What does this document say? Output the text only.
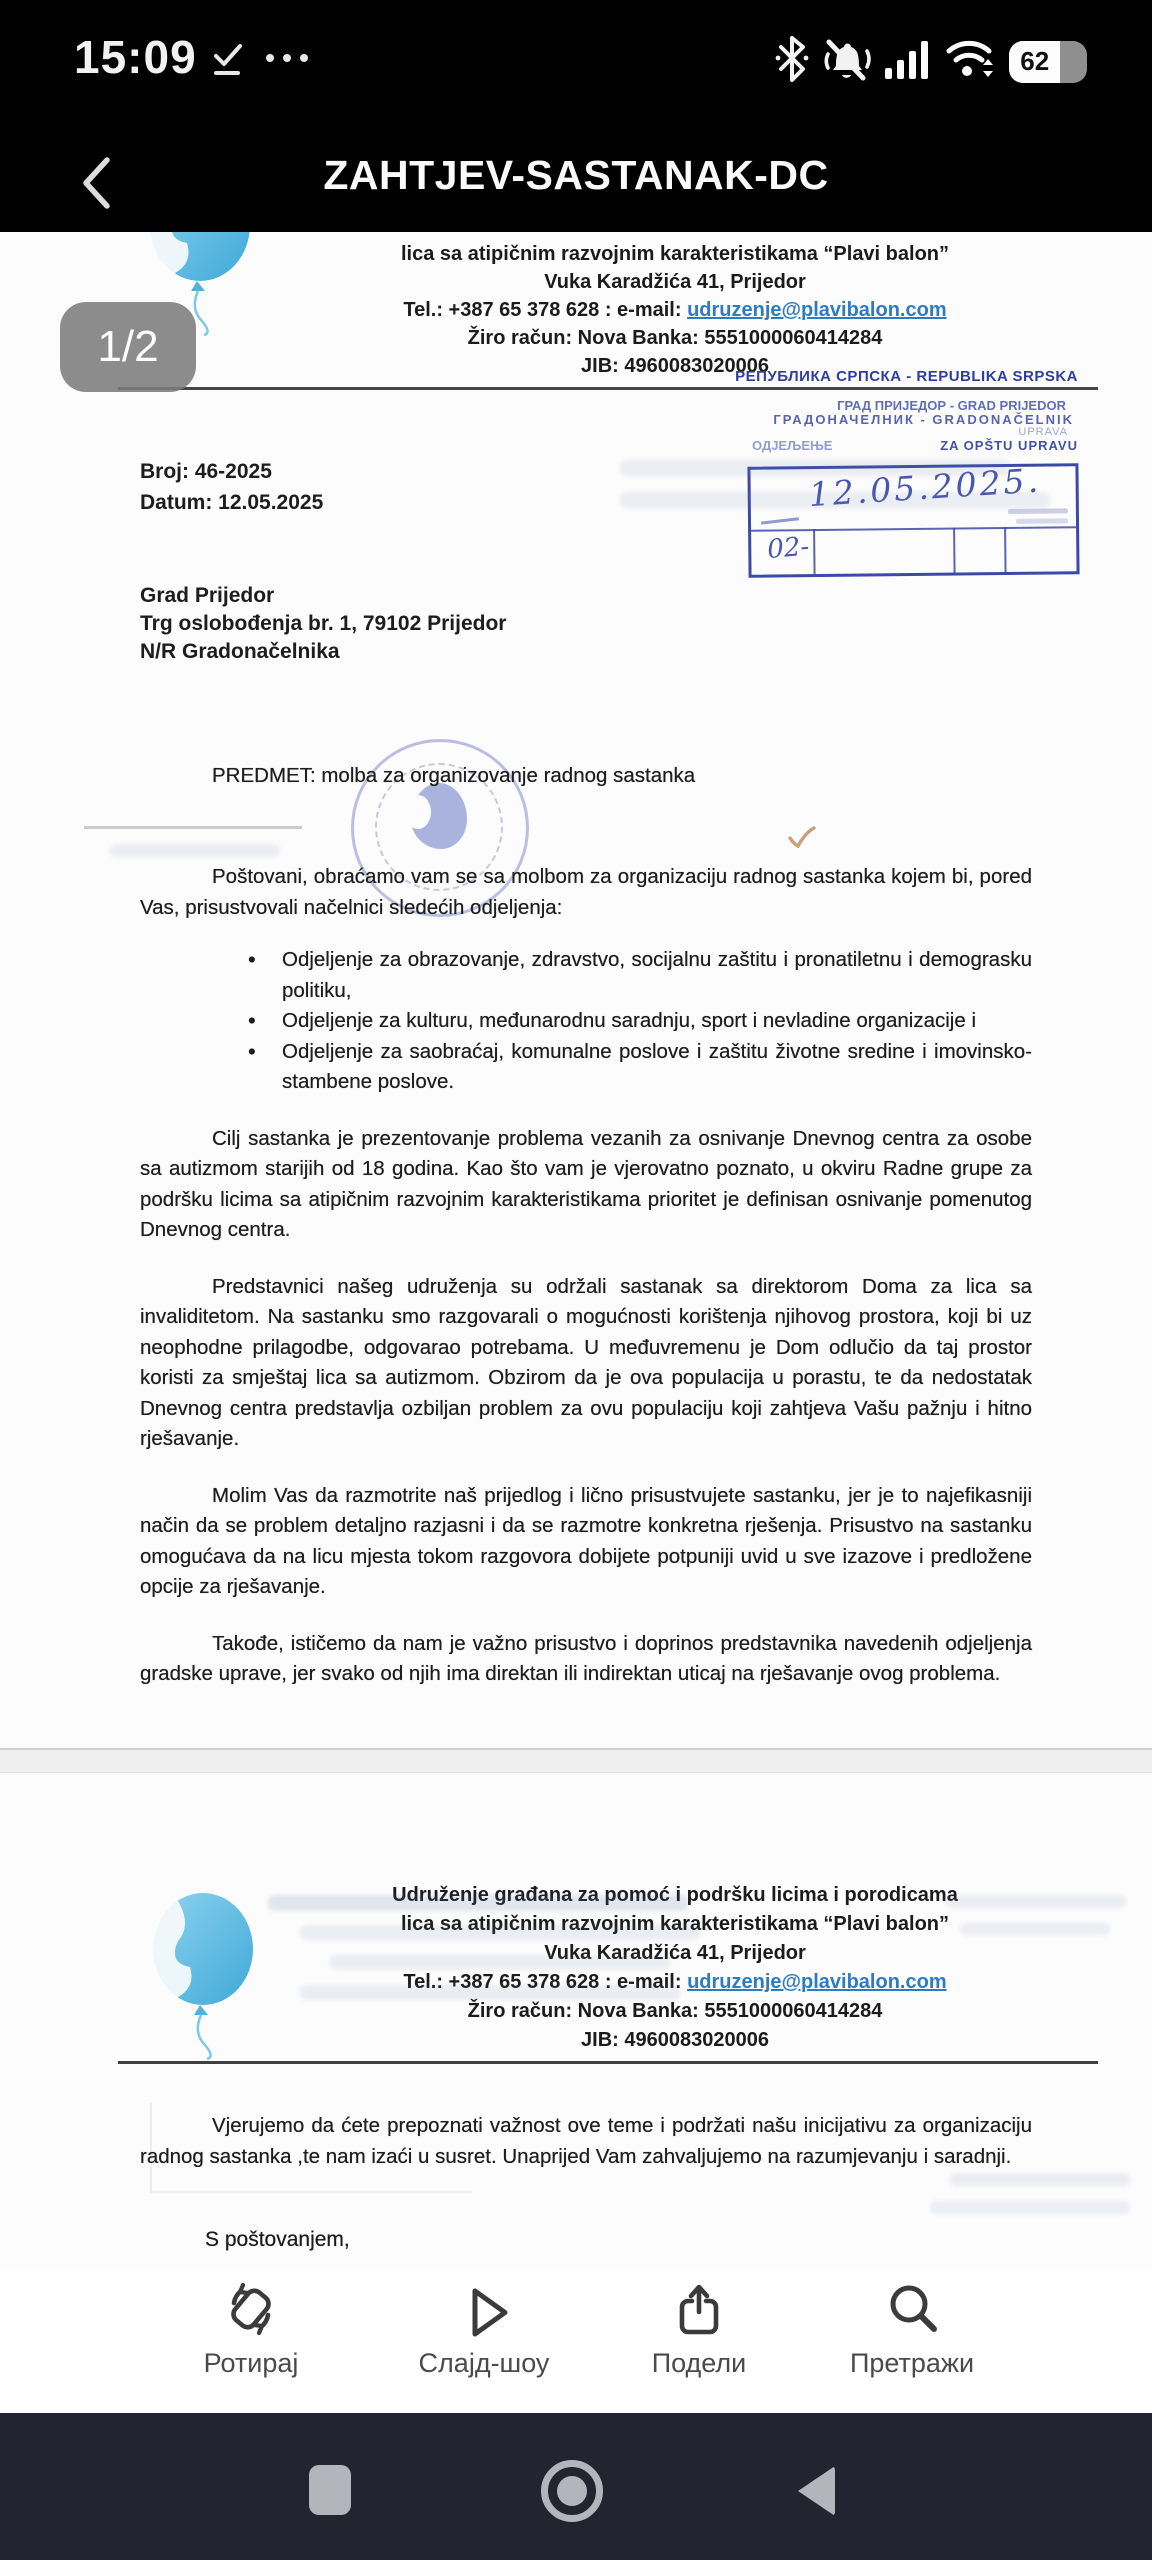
15:09	62
ZAHTJEV-SASTANAK-DC
lica sa atipičnim razvojnim karakteristikama “Plavi balon”
Vuka Karadžića 41, Prijedor
Tel.: +387 65 378 628 : e-mail: udruzenje@plavibalon.com
Žiro račun: Nova Banka: 5551000060414284
JIB: 4960083020006
РЕПУБЛИКА СРПСКА - REPUBLIKA SRPSKA
ГРАД ПРИЈЕДОР - GRAD PRIJEDOR
ГРАДОНАЧЕЛНИК - GRADONAČELNIK
UPRAVA
ОДЈЕЉЕЊЕ	ZA OPŠTU UPRAVU
12.05.2025.
02-
Broj: 46-2025
Datum: 12.05.2025
Grad Prijedor
Trg oslobođenja br. 1, 79102 Prijedor
N/R Gradonačelnika
PREDMET: molba za organizovanje radnog sastanka

Poštovani, obraćamo vam se sa molbom za organizaciju radnog sastanka kojem bi, pored Vas, prisustvovali načelnici sledećih odjeljenja:

• Odjeljenje za obrazovanje, zdravstvo, socijalnu zaštitu i pronatiletnu i demograsku politiku,
• Odjeljenje za kulturu, međunarodnu saradnju, sport i nevladine organizacije i
• Odjeljenje za saobraćaj, komunalne poslove i zaštitu životne sredine i imovinsko-stambene poslove.

Cilj sastanka je prezentovanje problema vezanih za osnivanje Dnevnog centra za osobe sa autizmom starijih od 18 godina. Kao što vam je vjerovatno poznato, u okviru Radne grupe za podršku licima sa atipičnim razvojnim karakteristikama prioritet je definisan osnivanje pomenutog Dnevnog centra.

Predstavnici našeg udruženja su održali sastanak sa direktorom Doma za lica sa invaliditetom. Na sastanku smo razgovarali o mogućnosti korištenja njihovog prostora, koji bi uz neophodne prilagodbe, odgovarao potrebama. U međuvremenu je Dom odlučio da taj prostor koristi za smještaj lica sa autizmom. Obzirom da je ova populacija u porastu, te da nedostatak Dnevnog centra predstavlja ozbiljan problem za ovu populaciju koji zahtjeva Vašu pažnju i hitno rješavanje.

Molim Vas da razmotrite naš prijedlog i lično prisustvujete sastanku, jer je to najefikasniji način da se problem detaljno razjasni i da se razmotre konkretna rješenja. Prisustvo na sastanku omogućava da na licu mjesta tokom razgovora dobijete potpuniji uvid u sve izazove i predložene opcije za rješavanje.

Takođe, ističemo da nam je važno prisustvo i doprinos predstavnika navedenih odjeljenja gradske uprave, jer svako od njih ima direktan ili indirektan uticaj na rješavanje ovog problema.

Udruženje građana za pomoć i podršku licima i porodicama
lica sa atipičnim razvojnim karakteristikama “Plavi balon”
Vuka Karadžića 41, Prijedor
Tel.: +387 65 378 628 : e-mail: udruzenje@plavibalon.com
Žiro račun: Nova Banka: 5551000060414284
JIB: 4960083020006
Vjerujemo da ćete prepoznati važnost ove teme i podržati našu inicijativu za organizaciju radnog sastanka ,te nam izaći u susret. Unaprijed Vam zahvaljujemo na razumjevanju i saradnji.
S poštovanjem,
1/2
Ротирај	Слајд-шоу	Подели	Претражи
